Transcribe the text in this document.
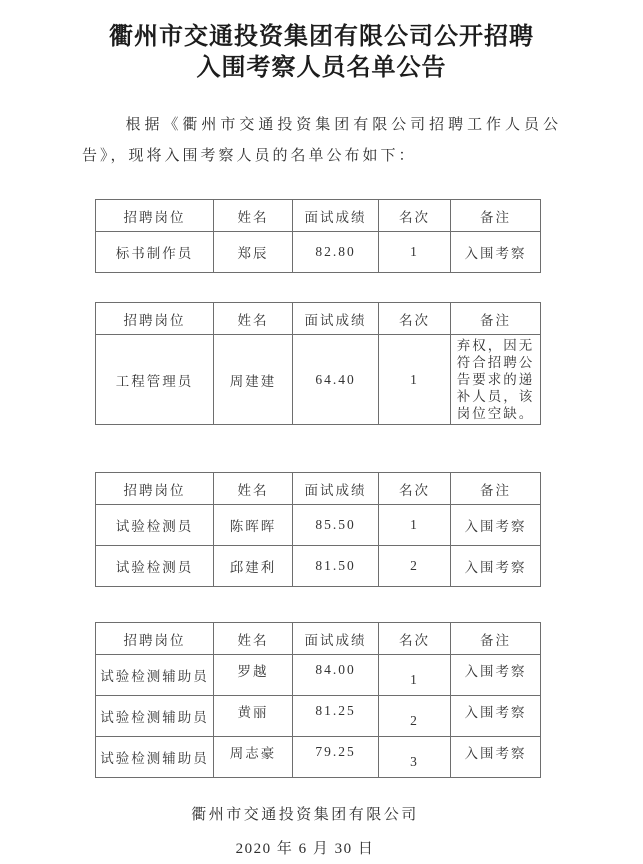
衢州市交通投资集团有限公司公开招聘
入围考察人员名单公告

根据《衢州市交通投资集团有限公司招聘工作人员公告》，现将入围考察人员的名单公布如下：

招聘岗位	姓名	面试成绩	名次	备注
标书制作员	郑辰	82.80	1	入围考察
招聘岗位	姓名	面试成绩	名次	备注
工程管理员	周建建	64.40	1	弃权，因无符合招聘公告要求的递补人员，该岗位空缺。
招聘岗位	姓名	面试成绩	名次	备注
试验检测员	陈晖晖	85.50	1	入围考察
试验检测员	邱建利	81.50	2	入围考察
招聘岗位	姓名	面试成绩	名次	备注
试验检测辅助员	罗越	84.00	1	入围考察
试验检测辅助员	黄丽	81.25	2	入围考察
试验检测辅助员	周志豪	79.25	3	入围考察
衢州市交通投资集团有限公司
2020 年 6 月 30 日
